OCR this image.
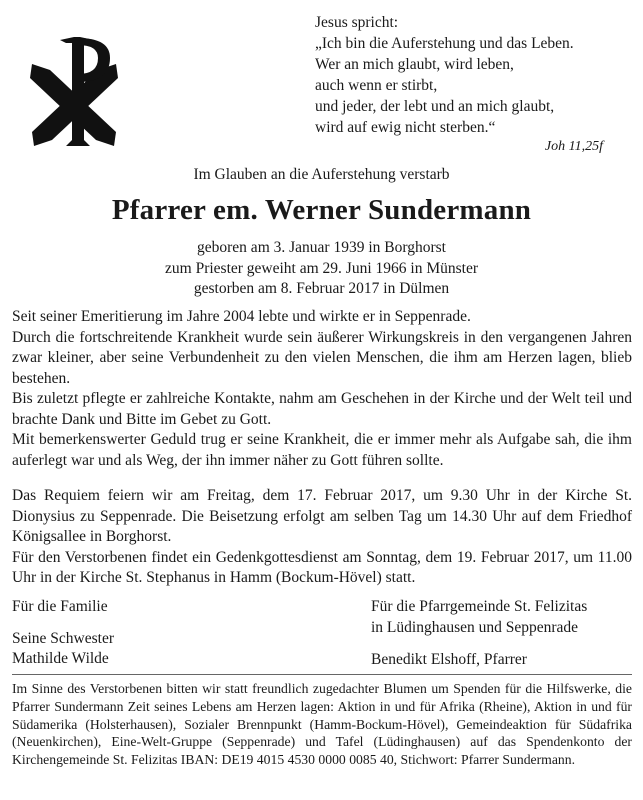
Jesus spricht:
„Ich bin die Auferstehung und das Leben.
Wer an mich glaubt, wird leben,
auch wenn er stirbt,
und jeder, der lebt und an mich glaubt,
wird auf ewig nicht sterben.“
Joh 11,25f
Im Glauben an die Auferstehung verstarb
Pfarrer em. Werner Sundermann
geboren am 3. Januar 1939 in Borghorst
zum Priester geweiht am 29. Juni 1966 in Münster
gestorben am 8. Februar 2017 in Dülmen

Seit seiner Emeritierung im Jahre 2004 lebte und wirkte er in Seppenrade.

Durch die fortschreitende Krankheit wurde sein äußerer Wirkungskreis in den vergangenen Jahren zwar kleiner, aber seine Verbundenheit zu den vielen Menschen, die ihm am Herzen lagen, blieb bestehen.

Bis zuletzt pflegte er zahlreiche Kontakte, nahm am Geschehen in der Kirche und der Welt teil und brachte Dank und Bitte im Gebet zu Gott.

Mit bemerkenswerter Geduld trug er seine Krankheit, die er immer mehr als Aufgabe sah, die ihm auferlegt war und als Weg, der ihn immer näher zu Gott führen sollte.

Das Requiem feiern wir am Freitag, dem 17. Februar 2017, um 9.30 Uhr in der Kirche St. Dionysius zu Seppenrade. Die Beisetzung erfolgt am selben Tag um 14.30 Uhr auf dem Friedhof Königsallee in Borghorst.

Für den Verstorbenen findet ein Gedenkgottesdienst am Sonntag, dem 19. Februar 2017, um 11.00 Uhr in der Kirche St. Stephanus in Hamm (Bockum-Hövel) statt.

Für die Familie
Seine Schwester
Mathilde Wilde
Für die Pfarrgemeinde St. Felizitas
in Lüdinghausen und Seppenrade
Benedikt Elshoff, Pfarrer
Im Sinne des Verstorbenen bitten wir statt freundlich zugedachter Blumen um Spenden für die Hilfswerke, die Pfarrer Sundermann Zeit seines Lebens am Herzen lagen: Aktion in und für Afrika (Rheine), Aktion in und für Südamerika (Holsterhausen), Sozialer Brennpunkt (Hamm-Bockum-Hövel), Gemeindeaktion für Südafrika (Neuenkirchen), Eine-Welt-Gruppe (Seppenrade) und Tafel (Lüdinghausen) auf das Spendenkonto der Kirchengemeinde St. Felizitas IBAN: DE19 4015 4530 0000 0085 40, Stichwort: Pfarrer Sundermann.
